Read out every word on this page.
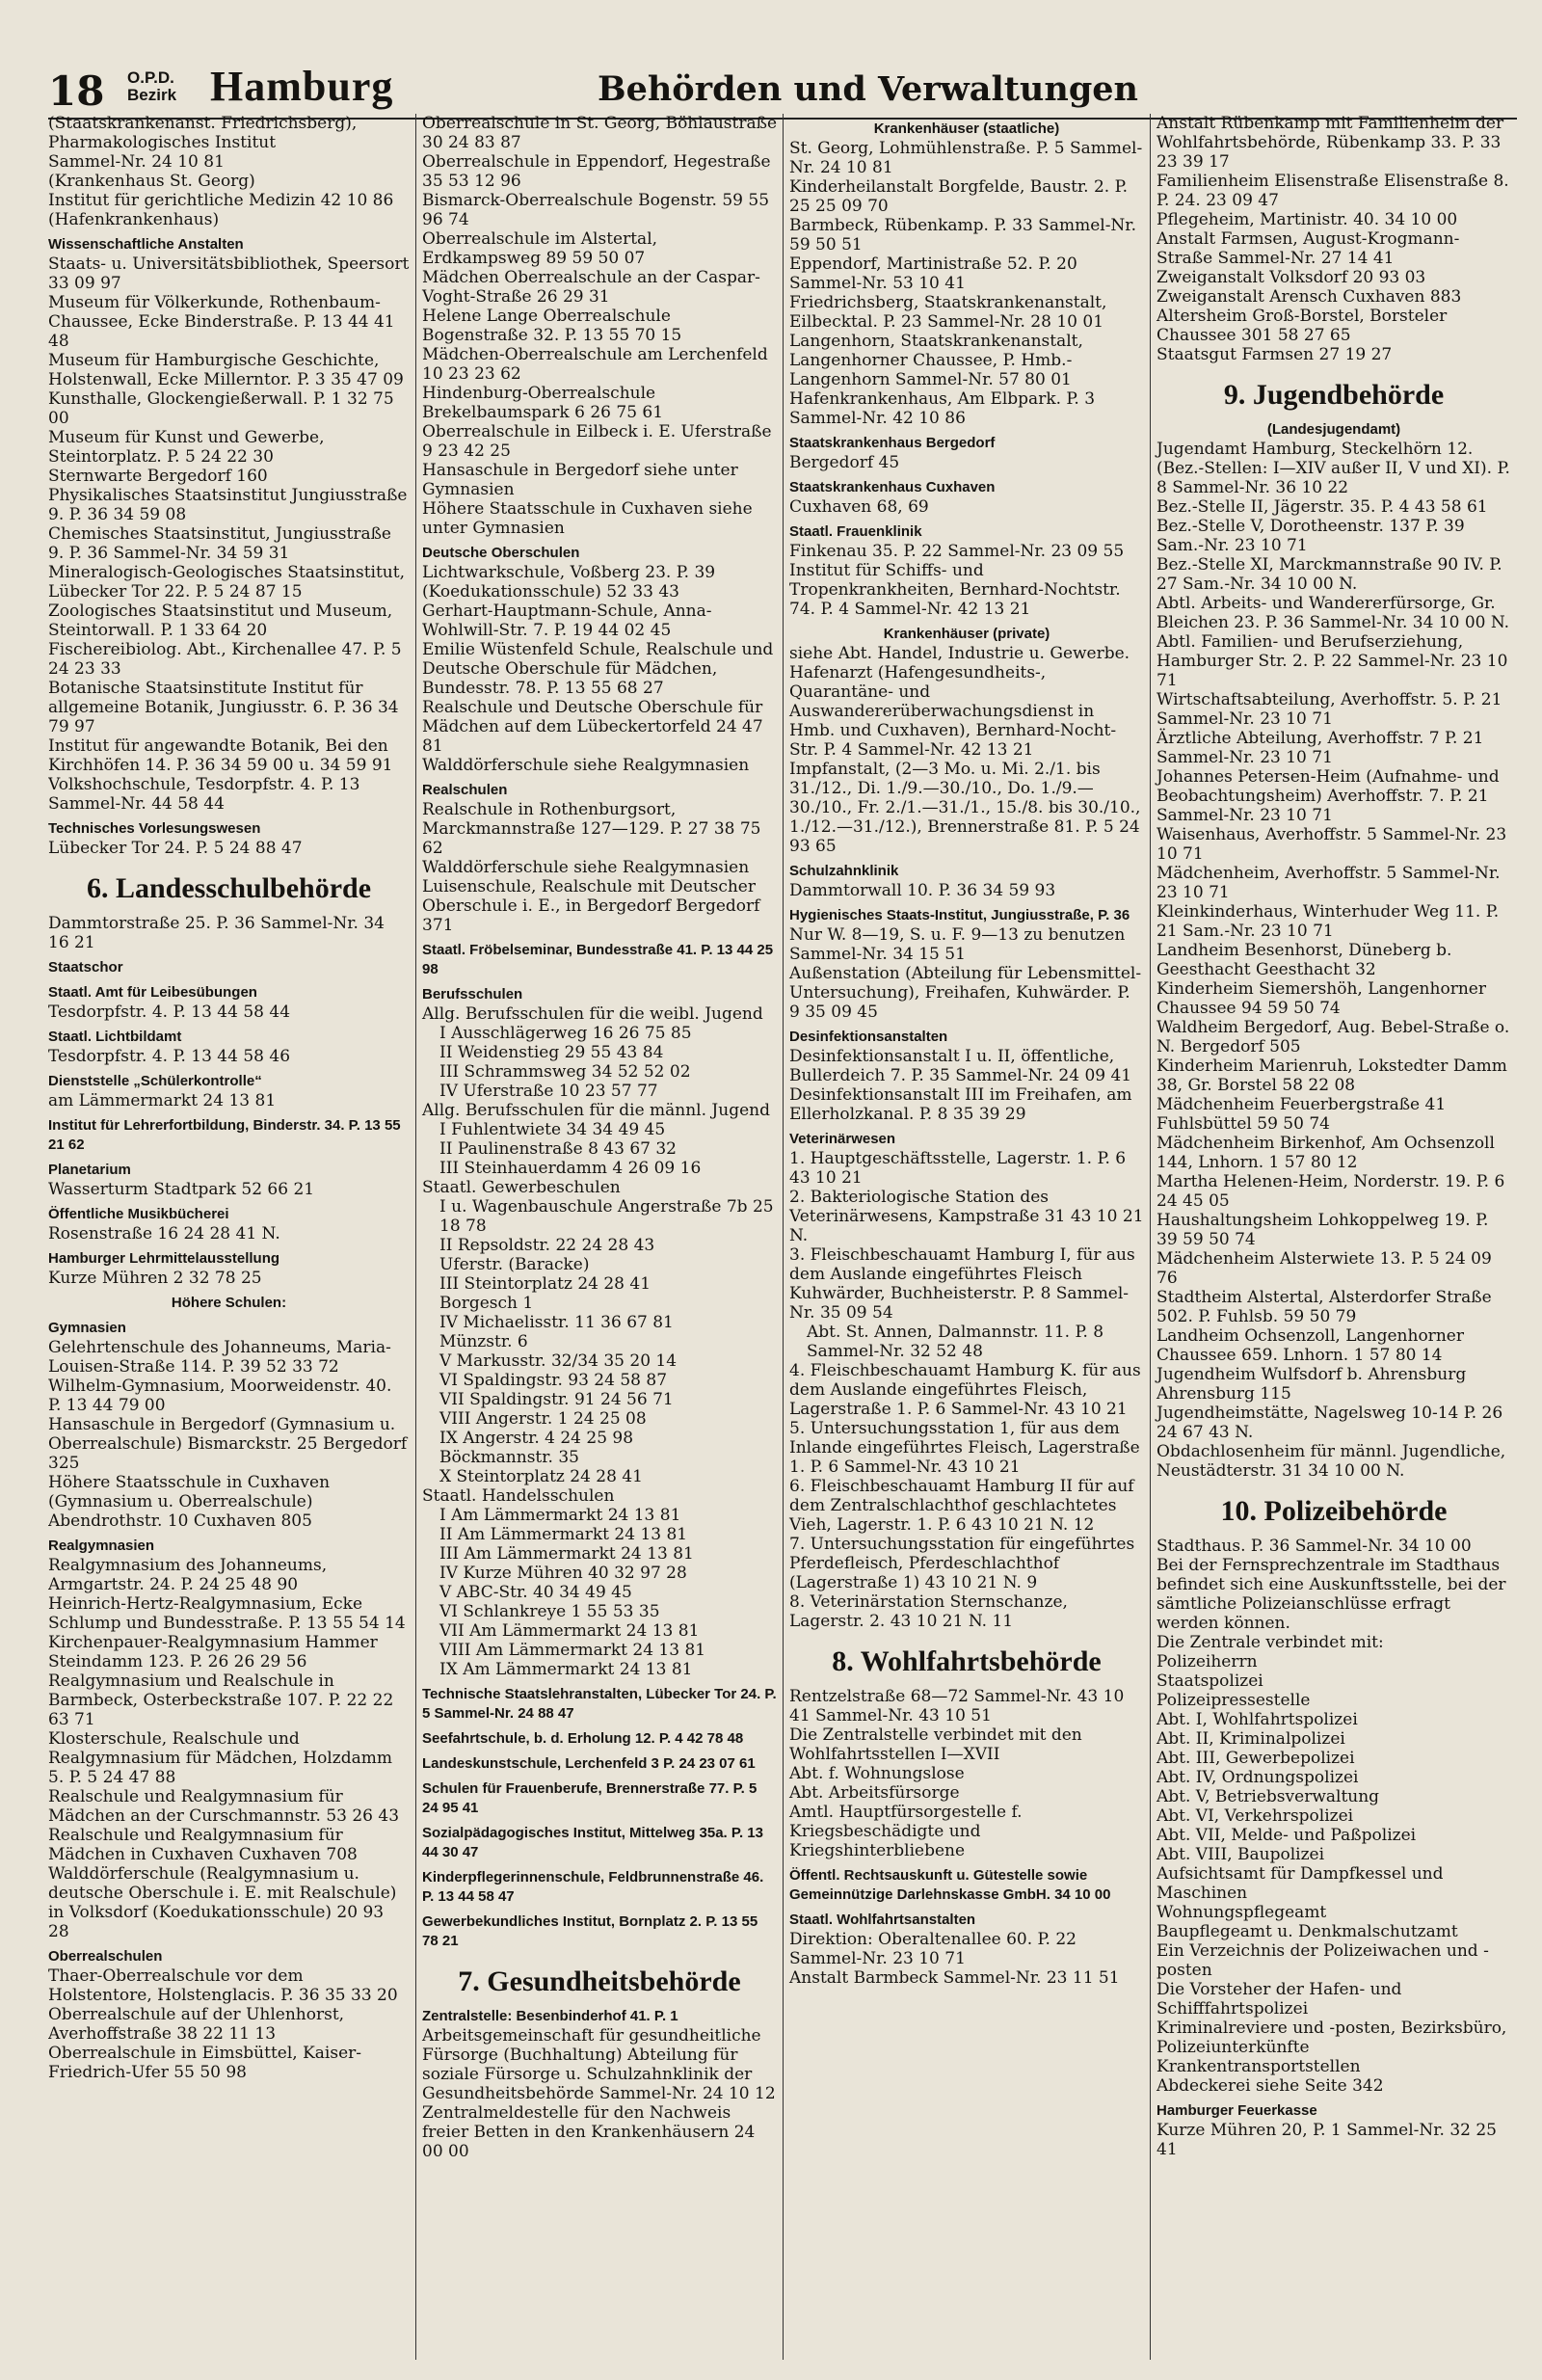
18 O.P.D.
Bezirk Hamburg	Behörden und Verwaltungen

(Staatskrankenanst. Friedrichsberg), Pharmakologisches Institut

Sammel-Nr. 24 10 81

(Krankenhaus St. Georg)

Institut für gerichtliche Medizin 42 10 86

(Hafenkrankenhaus)

Wissenschaftliche Anstalten

Staats- u. Universitätsbibliothek, Speersort 33 09 97

Museum für Völkerkunde, Rothenbaum-Chaussee, Ecke Binderstraße. P. 13 44 41 48

Museum für Hamburgische Geschichte, Holstenwall, Ecke Millerntor. P. 3 35 47 09

Kunsthalle, Glockengießerwall. P. 1 32 75 00

Museum für Kunst und Gewerbe, Steintorplatz. P. 5 24 22 30

Sternwarte Bergedorf 160

Physikalisches Staatsinstitut Jungiusstraße 9. P. 36 34 59 08

Chemisches Staatsinstitut, Jungiusstraße 9. P. 36 Sammel-Nr. 34 59 31

Mineralogisch-Geologisches Staatsinstitut, Lübecker Tor 22. P. 5 24 87 15

Zoologisches Staatsinstitut und Museum, Steintorwall. P. 1 33 64 20

Fischereibiolog. Abt., Kirchenallee 47. P. 5 24 23 33

Botanische Staatsinstitute Institut für allgemeine Botanik, Jungiusstr. 6. P. 36 34 79 97

Institut für angewandte Botanik, Bei den Kirchhöfen 14. P. 36 34 59 00 u. 34 59 91

Volkshochschule, Tesdorpfstr. 4. P. 13 Sammel-Nr. 44 58 44

Technisches Vorlesungswesen

Lübecker Tor 24. P. 5 24 88 47

6. Landesschulbehörde

Dammtorstraße 25. P. 36 Sammel-Nr. 34 16 21

Staatschor

Staatl. Amt für Leibesübungen

Tesdorpfstr. 4. P. 13 44 58 44

Staatl. Lichtbildamt

Tesdorpfstr. 4. P. 13 44 58 46

Dienststelle „Schülerkontrolle“

am Lämmermarkt 24 13 81

Institut für Lehrerfortbildung, Binderstr. 34. P. 13 55 21 62

Planetarium

Wasserturm Stadtpark 52 66 21

Öffentliche Musikbücherei

Rosenstraße 16 24 28 41 N.

Hamburger Lehrmittelausstellung

Kurze Mühren 2 32 78 25

Höhere Schulen:

Gymnasien

Gelehrtenschule des Johanneums, Maria-Louisen-Straße 114. P. 39 52 33 72

Wilhelm-Gymnasium, Moorweidenstr. 40. P. 13 44 79 00

Hansaschule in Bergedorf (Gymnasium u. Oberrealschule) Bismarckstr. 25 Bergedorf 325

Höhere Staatsschule in Cuxhaven (Gymnasium u. Oberrealschule) Abendrothstr. 10 Cuxhaven 805

Realgymnasien

Realgymnasium des Johanneums, Armgartstr. 24. P. 24 25 48 90

Heinrich-Hertz-Realgymnasium, Ecke Schlump und Bundesstraße. P. 13 55 54 14

Kirchenpauer-Realgymnasium Hammer Steindamm 123. P. 26 26 29 56

Realgymnasium und Realschule in Barmbeck, Osterbeckstraße 107. P. 22 22 63 71

Klosterschule, Realschule und Realgymnasium für Mädchen, Holzdamm 5. P. 5 24 47 88

Realschule und Realgymnasium für Mädchen an der Curschmannstr. 53 26 43

Realschule und Realgymnasium für Mädchen in Cuxhaven Cuxhaven 708

Walddörferschule (Realgymnasium u. deutsche Oberschule i. E. mit Realschule) in Volksdorf (Koedukationsschule) 20 93 28

Oberrealschulen

Thaer-Oberrealschule vor dem Holstentore, Holstenglacis. P. 36 35 33 20

Oberrealschule auf der Uhlenhorst, Averhoffstraße 38 22 11 13

Oberrealschule in Eimsbüttel, Kaiser-Friedrich-Ufer 55 50 98

Oberrealschule in St. Georg, Böhlaustraße 30 24 83 87

Oberrealschule in Eppendorf, Hegestraße 35 53 12 96

Bismarck-Oberrealschule Bogenstr. 59 55 96 74

Oberrealschule im Alstertal, Erdkampsweg 89 59 50 07

Mädchen Oberrealschule an der Caspar-Voght-Straße 26 29 31

Helene Lange Oberrealschule Bogenstraße 32. P. 13 55 70 15

Mädchen-Oberrealschule am Lerchenfeld 10 23 23 62

Hindenburg-Oberrealschule Brekelbaumspark 6 26 75 61

Oberrealschule in Eilbeck i. E. Uferstraße 9 23 42 25

Hansaschule in Bergedorf siehe unter Gymnasien

Höhere Staatsschule in Cuxhaven siehe unter Gymnasien

Deutsche Oberschulen

Lichtwarkschule, Voßberg 23. P. 39 (Koedukationsschule) 52 33 43

Gerhart-Hauptmann-Schule, Anna-Wohlwill-Str. 7. P. 19 44 02 45

Emilie Wüstenfeld Schule, Realschule und Deutsche Oberschule für Mädchen, Bundesstr. 78. P. 13 55 68 27

Realschule und Deutsche Oberschule für Mädchen auf dem Lübeckertorfeld 24 47 81

Walddörferschule siehe Realgymnasien

Realschulen

Realschule in Rothenburgsort, Marckmannstraße 127—129. P. 27 38 75 62

Walddörferschule siehe Realgymnasien

Luisenschule, Realschule mit Deutscher Oberschule i. E., in Bergedorf Bergedorf 371

Staatl. Fröbelseminar, Bundesstraße 41. P. 13 44 25 98

Berufsschulen

Allg. Berufsschulen für die weibl. Jugend

I Ausschlägerweg 16 26 75 85

II Weidenstieg 29 55 43 84

III Schrammsweg 34 52 52 02

IV Uferstraße 10 23 57 77

Allg. Berufsschulen für die männl. Jugend

I Fuhlentwiete 34 34 49 45

II Paulinenstraße 8 43 67 32

III Steinhauerdamm 4 26 09 16

Staatl. Gewerbeschulen

I u. Wagenbauschule Angerstraße 7b 25 18 78

II Repsoldstr. 22 24 28 43

Uferstr. (Baracke)

III Steintorplatz 24 28 41

Borgesch 1

IV Michaelisstr. 11 36 67 81

Münzstr. 6

V Markusstr. 32/34 35 20 14

VI Spaldingstr. 93 24 58 87

VII Spaldingstr. 91 24 56 71

VIII Angerstr. 1 24 25 08

IX Angerstr. 4 24 25 98

Böckmannstr. 35

X Steintorplatz 24 28 41

Staatl. Handelsschulen

I Am Lämmermarkt 24 13 81

II Am Lämmermarkt 24 13 81

III Am Lämmermarkt 24 13 81

IV Kurze Mühren 40 32 97 28

V ABC-Str. 40 34 49 45

VI Schlankreye 1 55 53 35

VII Am Lämmermarkt 24 13 81

VIII Am Lämmermarkt 24 13 81

IX Am Lämmermarkt 24 13 81

Technische Staatslehranstalten, Lübecker Tor 24. P. 5 Sammel-Nr. 24 88 47

Seefahrtschule, b. d. Erholung 12. P. 4 42 78 48

Landeskunstschule, Lerchenfeld 3 P. 24 23 07 61

Schulen für Frauenberufe, Brennerstraße 77. P. 5 24 95 41

Sozialpädagogisches Institut, Mittelweg 35a. P. 13 44 30 47

Kinderpflegerinnenschule, Feldbrunnenstraße 46. P. 13 44 58 47

Gewerbekundliches Institut, Bornplatz 2. P. 13 55 78 21

7. Gesundheitsbehörde

Zentralstelle: Besenbinderhof 41. P. 1

Arbeitsgemeinschaft für gesundheitliche Fürsorge (Buchhaltung) Abteilung für soziale Fürsorge u. Schulzahnklinik der Gesundheitsbehörde Sammel-Nr. 24 10 12

Zentralmeldestelle für den Nachweis freier Betten in den Krankenhäusern 24 00 00

Krankenhäuser (staatliche)

St. Georg, Lohmühlenstraße. P. 5 Sammel-Nr. 24 10 81

Kinderheilanstalt Borgfelde, Baustr. 2. P. 25 25 09 70

Barmbeck, Rübenkamp. P. 33 Sammel-Nr. 59 50 51

Eppendorf, Martinistraße 52. P. 20 Sammel-Nr. 53 10 41

Friedrichsberg, Staatskrankenanstalt, Eilbecktal. P. 23 Sammel-Nr. 28 10 01

Langenhorn, Staatskrankenanstalt, Langenhorner Chaussee, P. Hmb.-Langenhorn Sammel-Nr. 57 80 01

Hafenkrankenhaus, Am Elbpark. P. 3 Sammel-Nr. 42 10 86

Staatskrankenhaus Bergedorf

Bergedorf 45

Staatskrankenhaus Cuxhaven

Cuxhaven 68, 69

Staatl. Frauenklinik

Finkenau 35. P. 22 Sammel-Nr. 23 09 55

Institut für Schiffs- und Tropenkrankheiten, Bernhard-Nochtstr. 74. P. 4 Sammel-Nr. 42 13 21

Krankenhäuser (private)

siehe Abt. Handel, Industrie u. Gewerbe.

Hafenarzt (Hafengesundheits-, Quarantäne- und Auswandererüberwachungsdienst in Hmb. und Cuxhaven), Bernhard-Nocht-Str. P. 4 Sammel-Nr. 42 13 21

Impfanstalt, (2—3 Mo. u. Mi. 2./1. bis 31./12., Di. 1./9.—30./10., Do. 1./9.—30./10., Fr. 2./1.—31./1., 15./8. bis 30./10., 1./12.—31./12.), Brennerstraße 81. P. 5 24 93 65

Schulzahnklinik

Dammtorwall 10. P. 36 34 59 93

Hygienisches Staats-Institut, Jungiusstraße, P. 36

Nur W. 8—19, S. u. F. 9—13 zu benutzen Sammel-Nr. 34 15 51

Außenstation (Abteilung für Lebensmittel-Untersuchung), Freihafen, Kuhwärder. P. 9 35 09 45

Desinfektionsanstalten

Desinfektionsanstalt I u. II, öffentliche, Bullerdeich 7. P. 35 Sammel-Nr. 24 09 41

Desinfektionsanstalt III im Freihafen, am Ellerholzkanal. P. 8 35 39 29

Veterinärwesen

1. Hauptgeschäftsstelle, Lagerstr. 1. P. 6 43 10 21

2. Bakteriologische Station des Veterinärwesens, Kampstraße 31 43 10 21 N.

3. Fleischbeschauamt Hamburg I, für aus dem Auslande eingeführtes Fleisch Kuhwärder, Buchheisterstr. P. 8 Sammel-Nr. 35 09 54

Abt. St. Annen, Dalmannstr. 11. P. 8 Sammel-Nr. 32 52 48

4. Fleischbeschauamt Hamburg K. für aus dem Auslande eingeführtes Fleisch, Lagerstraße 1. P. 6 Sammel-Nr. 43 10 21

5. Untersuchungsstation 1, für aus dem Inlande eingeführtes Fleisch, Lagerstraße 1. P. 6 Sammel-Nr. 43 10 21

6. Fleischbeschauamt Hamburg II für auf dem Zentralschlachthof geschlachtetes Vieh, Lagerstr. 1. P. 6 43 10 21 N. 12

7. Untersuchungsstation für eingeführtes Pferdefleisch, Pferdeschlachthof (Lagerstraße 1) 43 10 21 N. 9

8. Veterinärstation Sternschanze, Lagerstr. 2. 43 10 21 N. 11

8. Wohlfahrtsbehörde

Rentzelstraße 68—72 Sammel-Nr. 43 10 41 Sammel-Nr. 43 10 51

Die Zentralstelle verbindet mit den Wohlfahrtsstellen I—XVII

Abt. f. Wohnungslose

Abt. Arbeitsfürsorge

Amtl. Hauptfürsorgestelle f. Kriegsbeschädigte und Kriegshinterbliebene

Öffentl. Rechtsauskunft u. Gütestelle sowie Gemeinnützige Darlehnskasse GmbH. 34 10 00

Staatl. Wohlfahrtsanstalten

Direktion: Oberaltenallee 60. P. 22 Sammel-Nr. 23 10 71

Anstalt Barmbeck Sammel-Nr. 23 11 51

Anstalt Rübenkamp mit Familienheim der Wohlfahrtsbehörde, Rübenkamp 33. P. 33 23 39 17

Familienheim Elisenstraße Elisenstraße 8. P. 24. 23 09 47

Pflegeheim, Martinistr. 40. 34 10 00

Anstalt Farmsen, August-Krogmann-Straße Sammel-Nr. 27 14 41

Zweiganstalt Volksdorf 20 93 03

Zweiganstalt Arensch Cuxhaven 883

Altersheim Groß-Borstel, Borsteler Chaussee 301 58 27 65

Staatsgut Farmsen 27 19 27

9. Jugendbehörde

(Landesjugendamt)

Jugendamt Hamburg, Steckelhörn 12. (Bez.-Stellen: I—XIV außer II, V und XI). P. 8 Sammel-Nr. 36 10 22

Bez.-Stelle II, Jägerstr. 35. P. 4 43 58 61

Bez.-Stelle V, Dorotheenstr. 137 P. 39 Sam.-Nr. 23 10 71

Bez.-Stelle XI, Marckmannstraße 90 IV. P. 27 Sam.-Nr. 34 10 00 N.

Abtl. Arbeits- und Wandererfürsorge, Gr. Bleichen 23. P. 36 Sammel-Nr. 34 10 00 N.

Abtl. Familien- und Berufserziehung, Hamburger Str. 2. P. 22 Sammel-Nr. 23 10 71

Wirtschaftsabteilung, Averhoffstr. 5. P. 21 Sammel-Nr. 23 10 71

Ärztliche Abteilung, Averhoffstr. 7 P. 21 Sammel-Nr. 23 10 71

Johannes Petersen-Heim (Aufnahme- und Beobachtungsheim) Averhoffstr. 7. P. 21 Sammel-Nr. 23 10 71

Waisenhaus, Averhoffstr. 5 Sammel-Nr. 23 10 71

Mädchenheim, Averhoffstr. 5 Sammel-Nr. 23 10 71

Kleinkinderhaus, Winterhuder Weg 11. P. 21 Sam.-Nr. 23 10 71

Landheim Besenhorst, Düneberg b. Geesthacht Geesthacht 32

Kinderheim Siemershöh, Langenhorner Chaussee 94 59 50 74

Waldheim Bergedorf, Aug. Bebel-Straße o. N. Bergedorf 505

Kinderheim Marienruh, Lokstedter Damm 38, Gr. Borstel 58 22 08

Mädchenheim Feuerbergstraße 41 Fuhlsbüttel 59 50 74

Mädchenheim Birkenhof, Am Ochsenzoll 144, Lnhorn. 1 57 80 12

Martha Helenen-Heim, Norderstr. 19. P. 6 24 45 05

Haushaltungsheim Lohkoppelweg 19. P. 39 59 50 74

Mädchenheim Alsterwiete 13. P. 5 24 09 76

Stadtheim Alstertal, Alsterdorfer Straße 502. P. Fuhlsb. 59 50 79

Landheim Ochsenzoll, Langenhorner Chaussee 659. Lnhorn. 1 57 80 14

Jugendheim Wulfsdorf b. Ahrensburg Ahrensburg 115

Jugendheimstätte, Nagelsweg 10-14 P. 26 24 67 43 N.

Obdachlosenheim für männl. Jugendliche, Neustädterstr. 31 34 10 00 N.

10. Polizeibehörde

Stadthaus. P. 36 Sammel-Nr. 34 10 00

Bei der Fernsprechzentrale im Stadthaus befindet sich eine Auskunftsstelle, bei der sämtliche Polizeianschlüsse erfragt werden können.

Die Zentrale verbindet mit:

Polizeiherrn

Staatspolizei

Polizeipressestelle

Abt. I, Wohlfahrtspolizei

Abt. II, Kriminalpolizei

Abt. III, Gewerbepolizei

Abt. IV, Ordnungspolizei

Abt. V, Betriebsverwaltung

Abt. VI, Verkehrspolizei

Abt. VII, Melde- und Paßpolizei

Abt. VIII, Baupolizei

Aufsichtsamt für Dampfkessel und Maschinen

Wohnungspflegeamt

Baupflegeamt u. Denkmalschutzamt

Ein Verzeichnis der Polizeiwachen und -posten

Die Vorsteher der Hafen- und Schifffahrtspolizei

Kriminalreviere und -posten, Bezirksbüro, Polizeiunterkünfte

Krankentransportstellen

Abdeckerei siehe Seite 342

Hamburger Feuerkasse

Kurze Mühren 20, P. 1 Sammel-Nr. 32 25 41
